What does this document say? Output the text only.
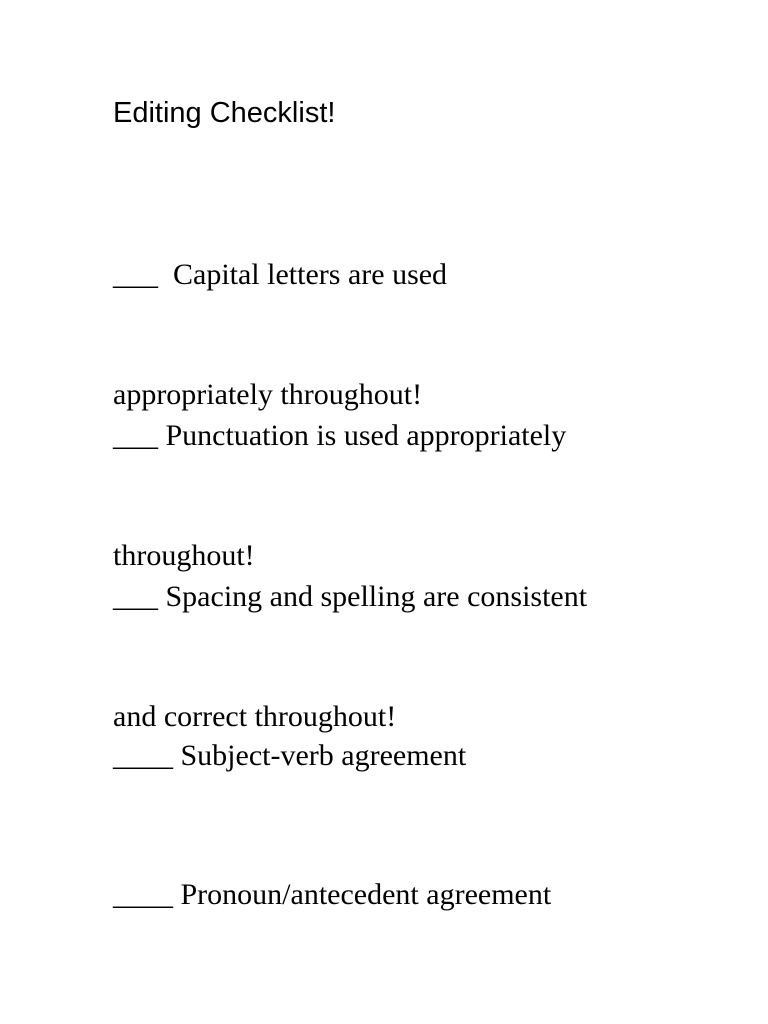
Editing Checklist!

___  Capital letters are used

appropriately throughout!

___ Punctuation is used appropriately

throughout!

___ Spacing and spelling are consistent

and correct throughout!

____ Subject-verb agreement

____ Pronoun/antecedent agreement
